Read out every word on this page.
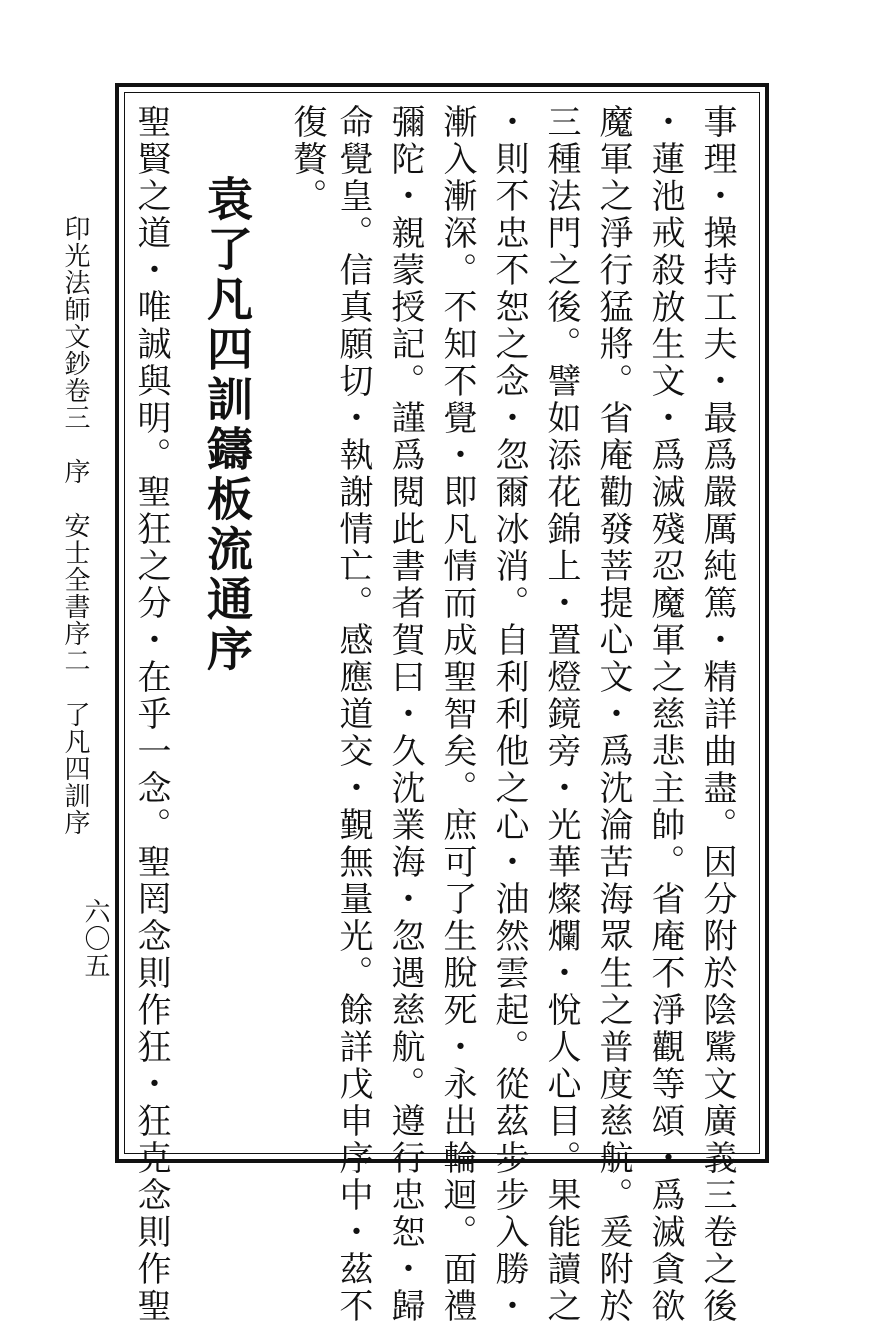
事理・操持工夫・最爲嚴厲純篤・精詳曲盡。因分附於陰騭文廣義三卷之後
・蓮池戒殺放生文・爲滅殘忍魔軍之慈悲主帥。省庵不淨觀等頌・爲滅貪欲
魔軍之淨行猛將。省庵勸發菩提心文・爲沈淪苦海眾生之普度慈航。爰附於
三種法門之後。譬如添花錦上・置燈鏡旁・光華燦爛・悅人心目。果能讀之
・則不忠不恕之念・忽爾冰消。自利利他之心・油然雲起。從茲步步入勝・
漸入漸深。不知不覺・即凡情而成聖智矣。庶可了生脫死・永出輪迴。面禮
彌陀・親蒙授記。謹爲閱此書者賀曰・久沈業海・忽遇慈航。遵行忠恕・歸
命覺皇。信真願切・執謝情亡。感應道交・覲無量光。餘詳戊申序中・茲不
復贅。
袁了凡四訓鑄板流通序
聖賢之道・唯誠與明。聖狂之分・在乎一念。聖罔念則作狂・狂克念則作聖
印光法師文鈔卷三　序　安士全書序二　了凡四訓序
六〇五
